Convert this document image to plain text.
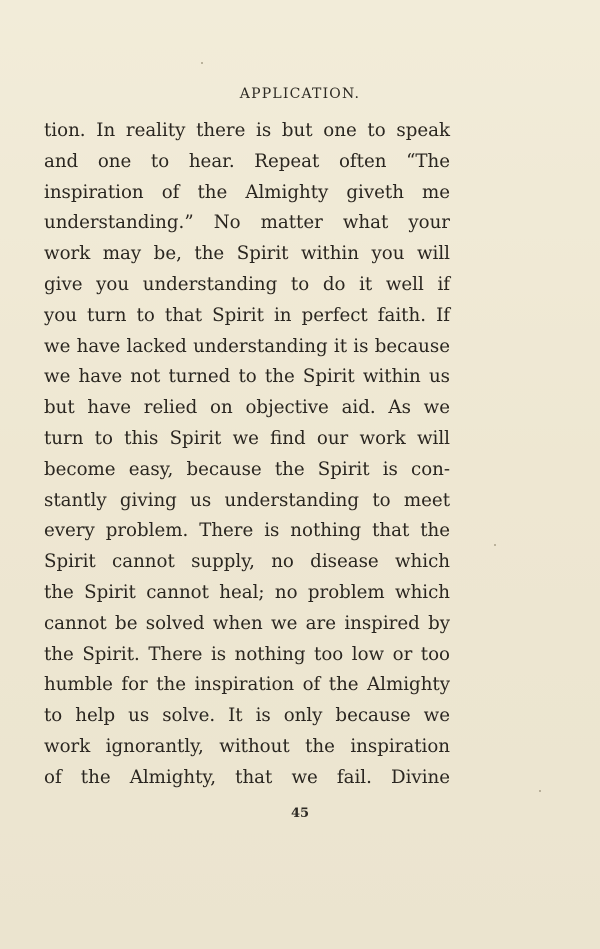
APPLICATION.
tion. In reality there is but one to speak
and one to hear. Repeat often “The
inspiration of the Almighty giveth me
understanding.” No matter what your
work may be, the Spirit within you will
give you understanding to do it well if
you turn to that Spirit in perfect faith. If
we have lacked understanding it is because
we have not turned to the Spirit within us
but have relied on objective aid. As we
turn to this Spirit we find our work will
become easy, because the Spirit is con-
stantly giving us understanding to meet
every problem. There is nothing that the
Spirit cannot supply, no disease which
the Spirit cannot heal; no problem which
cannot be solved when we are inspired by
the Spirit. There is nothing too low or too
humble for the inspiration of the Almighty
to help us solve. It is only because we
work ignorantly, without the inspiration
of the Almighty, that we fail. Divine
45
